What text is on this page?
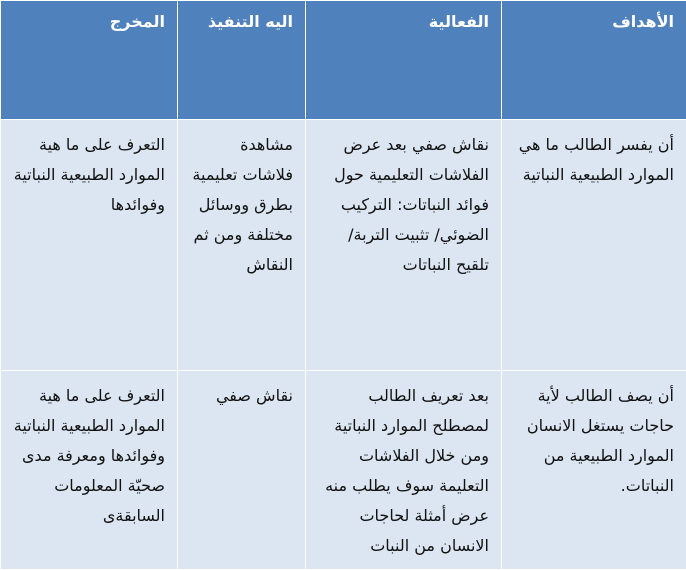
الأهداف	الفعالية	اليه التنفيذ	المخرج

أن يفسر الطالب ما هي الموارد الطبيعية النباتية	نقاش صفي بعد عرض الفلاشات التعليمية حول فوائد النباتات: التركيب الضوئي/ تثبيت التربة/ تلقيح النباتات	مشاهدة فلاشات تعليمية بطرق ووسائل مختلفة ومن ثم النقاش	التعرف على ما هية الموارد الطبيعية النباتية وفوائدها

أن يصف الطالب لأية حاجات يستغل الانسان الموارد الطبيعية من النباتات.	بعد تعريف الطالب لمصطلح الموارد النباتية ومن خلال الفلاشات التعليمة سوف يطلب منه عرض أمثلة لحاجات الانسان من النبات	نقاش صفي	التعرف على ما هية الموارد الطبيعية النباتية وفوائدها ومعرفة مدى صحيّة المعلومات السابقةى
